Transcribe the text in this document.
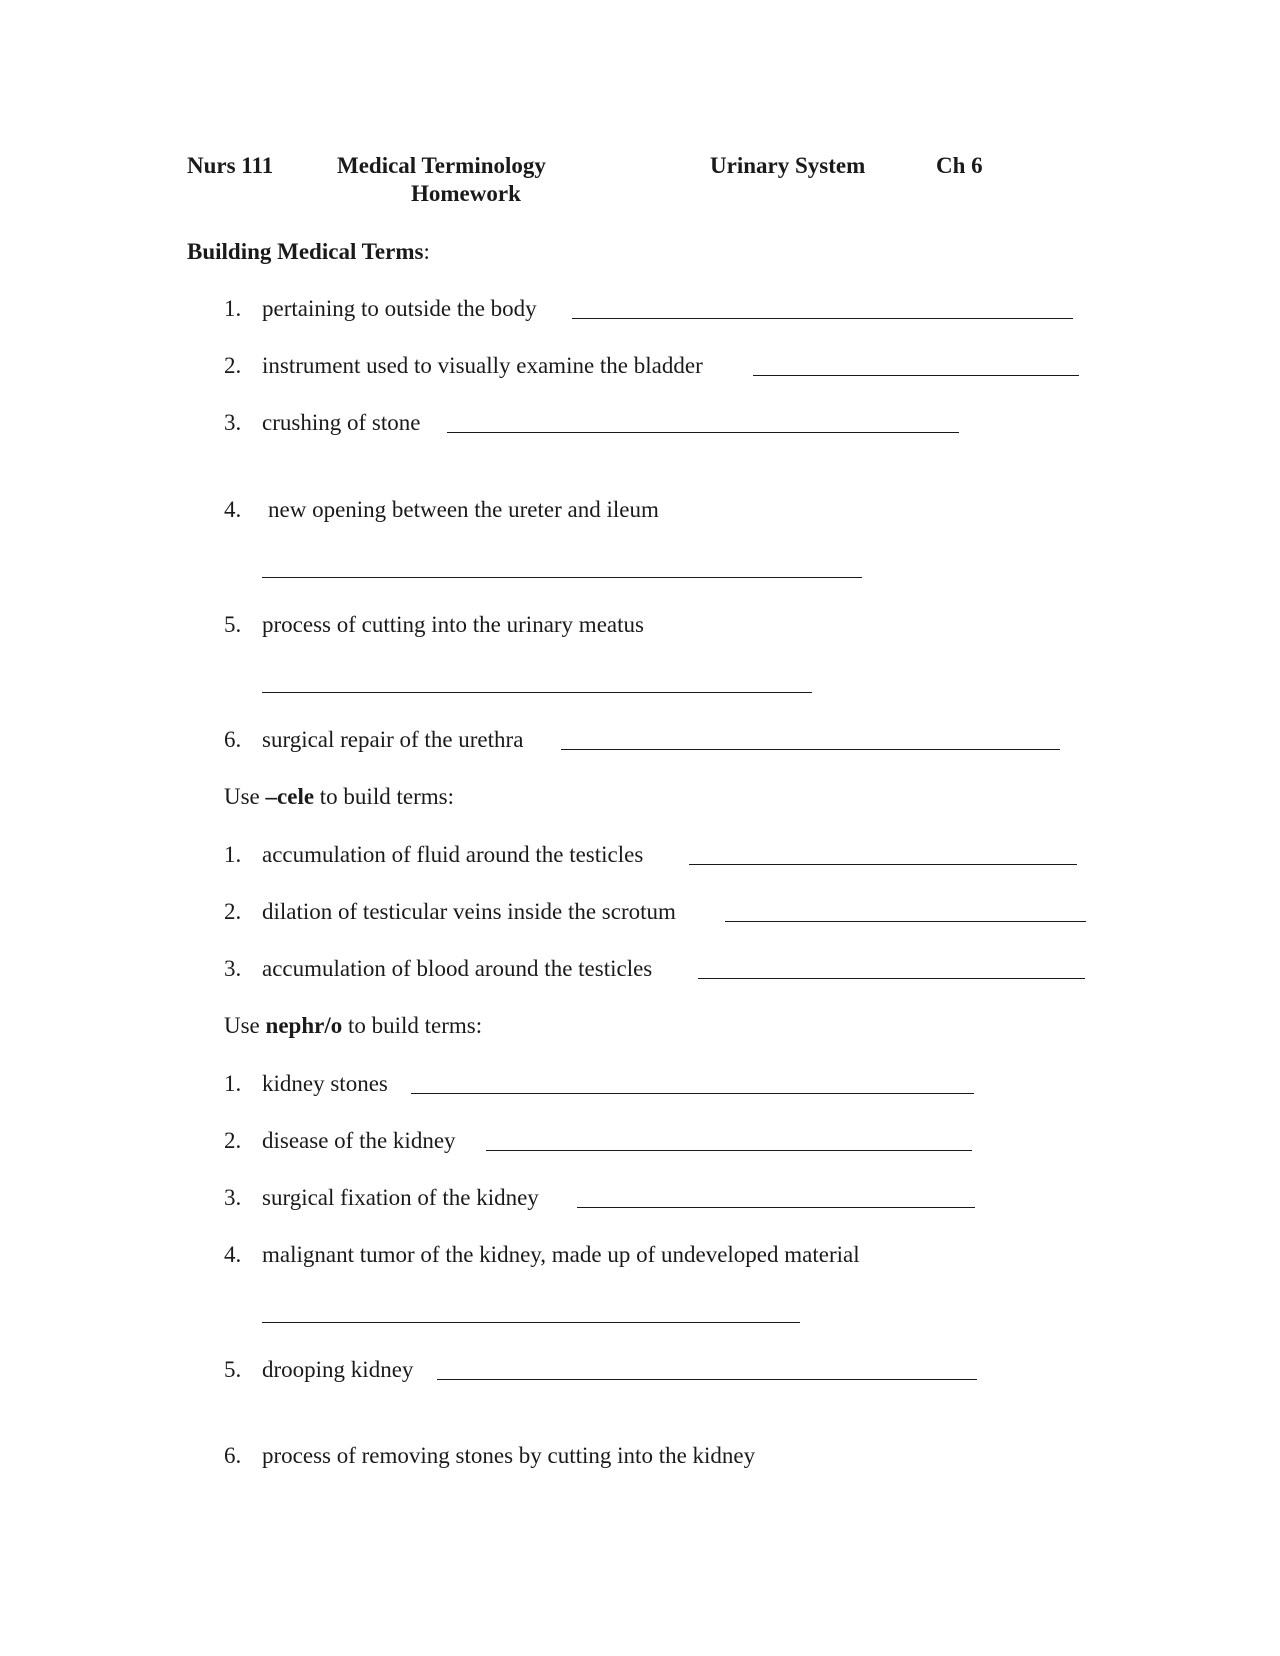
Nurs 111	Medical Terminology
Homework
Urinary System	Ch 6
Building Medical Terms:
1. pertaining to outside the body
2. instrument used to visually examine the bladder
3. crushing of stone
4. new opening between the ureter and ileum
5. process of cutting into the urinary meatus
6. surgical repair of the urethra
Use –cele to build terms:
1. accumulation of fluid around the testicles
2. dilation of testicular veins inside the scrotum
3. accumulation of blood around the testicles
Use nephr/o to build terms:
1. kidney stones
2. disease of the kidney
3. surgical fixation of the kidney
4. malignant tumor of the kidney, made up of undeveloped material
5. drooping kidney
6. process of removing stones by cutting into the kidney
